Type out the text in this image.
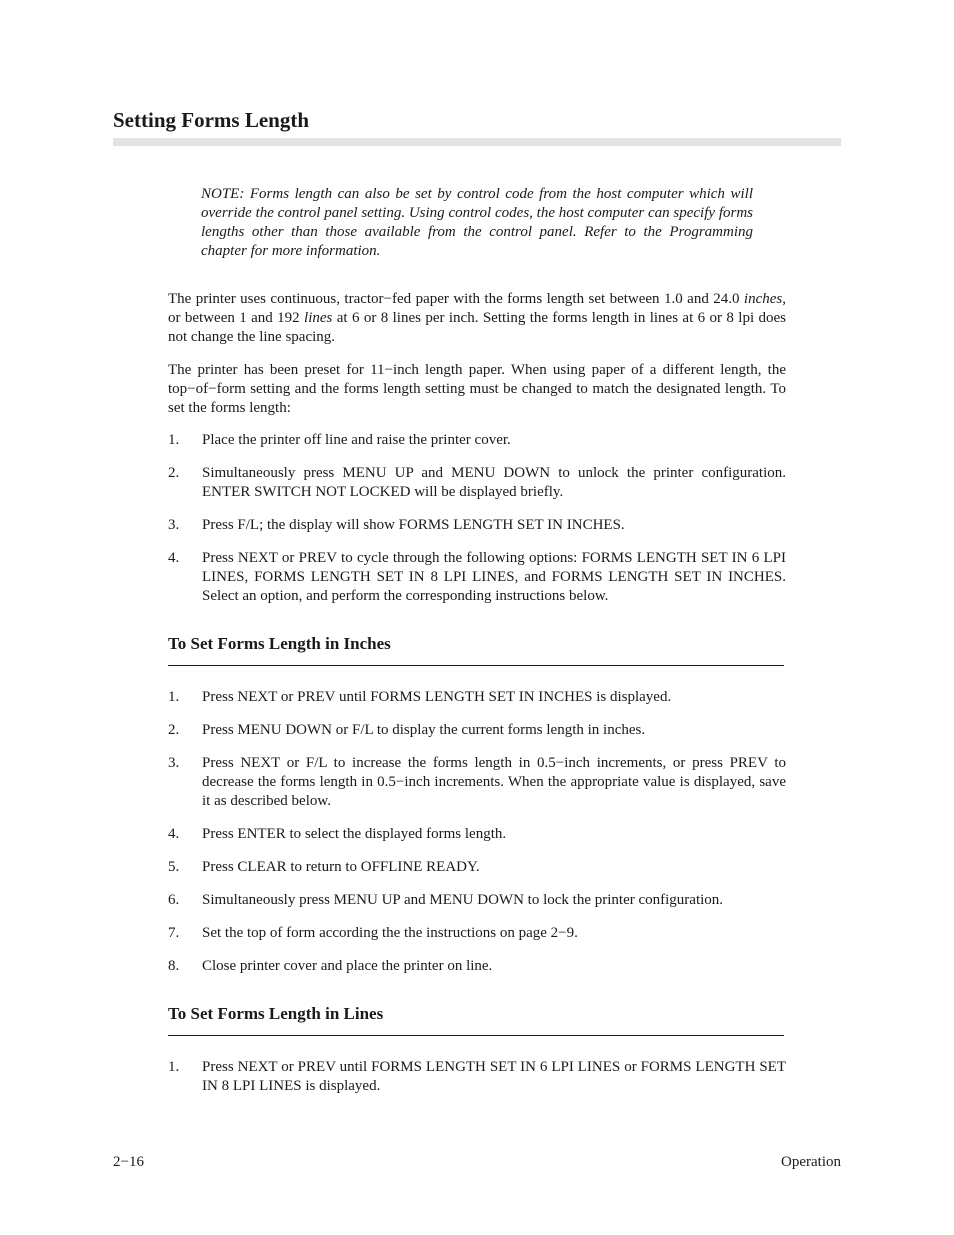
Setting Forms Length

NOTE: Forms length can also be set by control code from the host computer which will override the control panel setting. Using control codes, the host computer can specify forms lengths other than those available from the control panel. Refer to the Programming chapter for more information.

The printer uses continuous, tractor−fed paper with the forms length set between 1.0 and 24.0 inches, or between 1 and 192 lines at 6 or 8 lines per inch. Setting the forms length in lines at 6 or 8 lpi does not change the line spacing.

The printer has been preset for 11−inch length paper. When using paper of a different length, the top−of−form setting and the forms length setting must be changed to match the designated length. To set the forms length:

1. Place the printer off line and raise the printer cover.
2. Simultaneously press MENU UP and MENU DOWN to unlock the printer configuration. ENTER SWITCH NOT LOCKED will be displayed briefly.
3. Press F/L; the display will show FORMS LENGTH SET IN INCHES.
4. Press NEXT or PREV to cycle through the following options: FORMS LENGTH SET IN 6 LPI LINES, FORMS LENGTH SET IN 8 LPI LINES, and FORMS LENGTH SET IN INCHES. Select an option, and perform the corresponding instructions below.
To Set Forms Length in Inches
1. Press NEXT or PREV until FORMS LENGTH SET IN INCHES is displayed.
2. Press MENU DOWN or F/L to display the current forms length in inches.
3. Press NEXT or F/L to increase the forms length in 0.5−inch increments, or press PREV to decrease the forms length in 0.5−inch increments. When the appropriate value is displayed, save it as described below.
4. Press ENTER to select the displayed forms length.
5. Press CLEAR to return to OFFLINE READY.
6. Simultaneously press MENU UP and MENU DOWN to lock the printer configuration.
7. Set the top of form according the the instructions on page 2−9.
8. Close printer cover and place the printer on line.
To Set Forms Length in Lines
1. Press NEXT or PREV until FORMS LENGTH SET IN 6 LPI LINES or FORMS LENGTH SET IN 8 LPI LINES is displayed.
2−16	Operation
